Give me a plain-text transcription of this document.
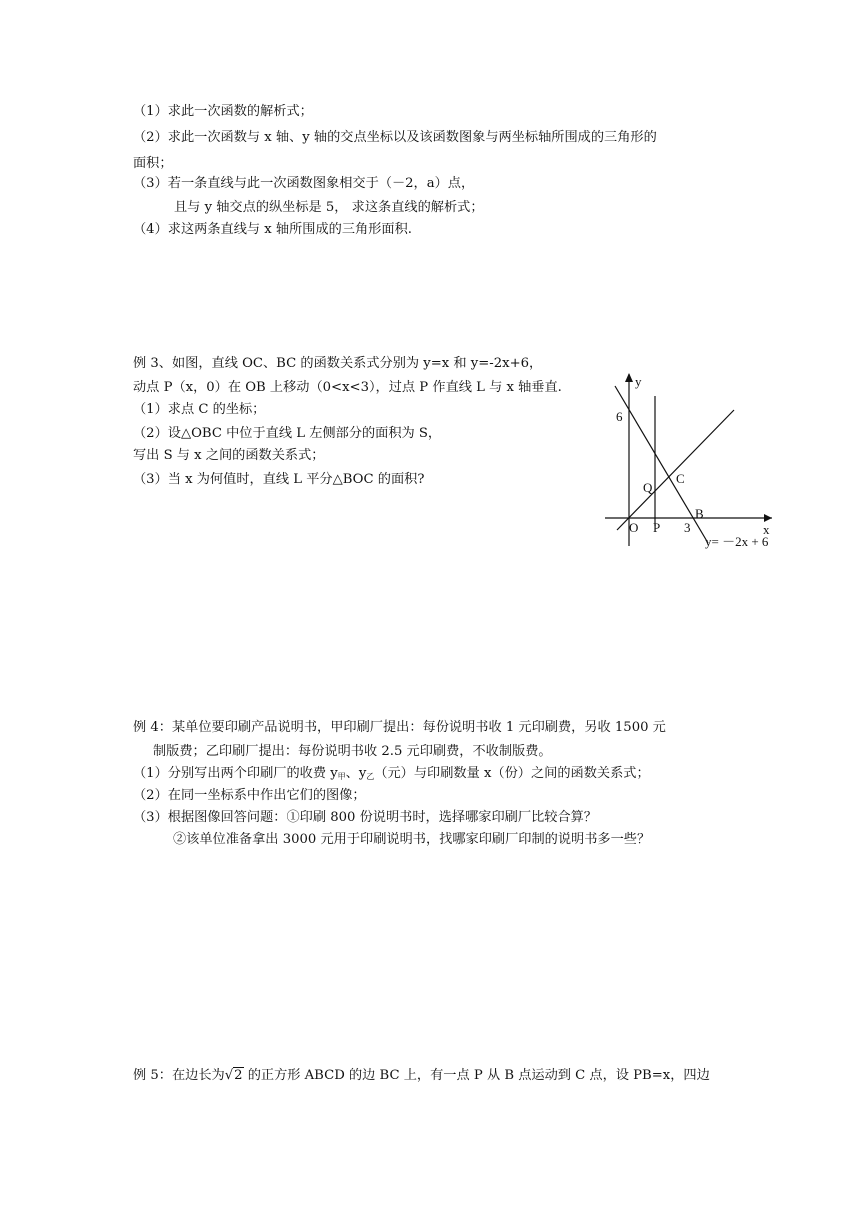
（1）求此一次函数的解析式；
（2）求此一次函数与 x 轴、y 轴的交点坐标以及该函数图象与两坐标轴所围成的三角形的
面积；
（3）若一条直线与此一次函数图象相交于（－2，a）点，
且与 y 轴交点的纵坐标是 5， 求这条直线的解析式；
（4）求这两条直线与 x 轴所围成的三角形面积.
例 3、如图，直线 OC、BC 的函数关系式分别为 y=x 和 y=-2x+6，
动点 P（x，0）在 OB 上移动（0<x<3），过点 P 作直线 L 与 x 轴垂直.
（1）求点 C 的坐标；
（2）设△OBC 中位于直线 L 左侧部分的面积为 S，
写出 S 与 x 之间的函数关系式；
（3）当 x 为何值时，直线 L 平分△BOC 的面积?
y
x
6
O P 3
B
C
Q
y= －2x + 6
例 4：某单位要印刷产品说明书，甲印刷厂提出：每份说明书收 1 元印刷费，另收 1500 元
制版费；乙印刷厂提出：每份说明书收 2.5 元印刷费，不收制版费。
（1）分别写出两个印刷厂的收费 $y_甲$、$y_乙$（元）与印刷数量 x（份）之间的函数关系式；
（2）在同一坐标系中作出它们的图像；
（3）根据图像回答问题：①印刷 800 份说明书时，选择哪家印刷厂比较合算？
②该单位准备拿出 3000 元用于印刷说明书，找哪家印刷厂印制的说明书多一些？
例 5：在边长为√2 的正方形 ABCD 的边 BC 上，有一点 P 从 B 点运动到 C 点，设 PB=x，四边
